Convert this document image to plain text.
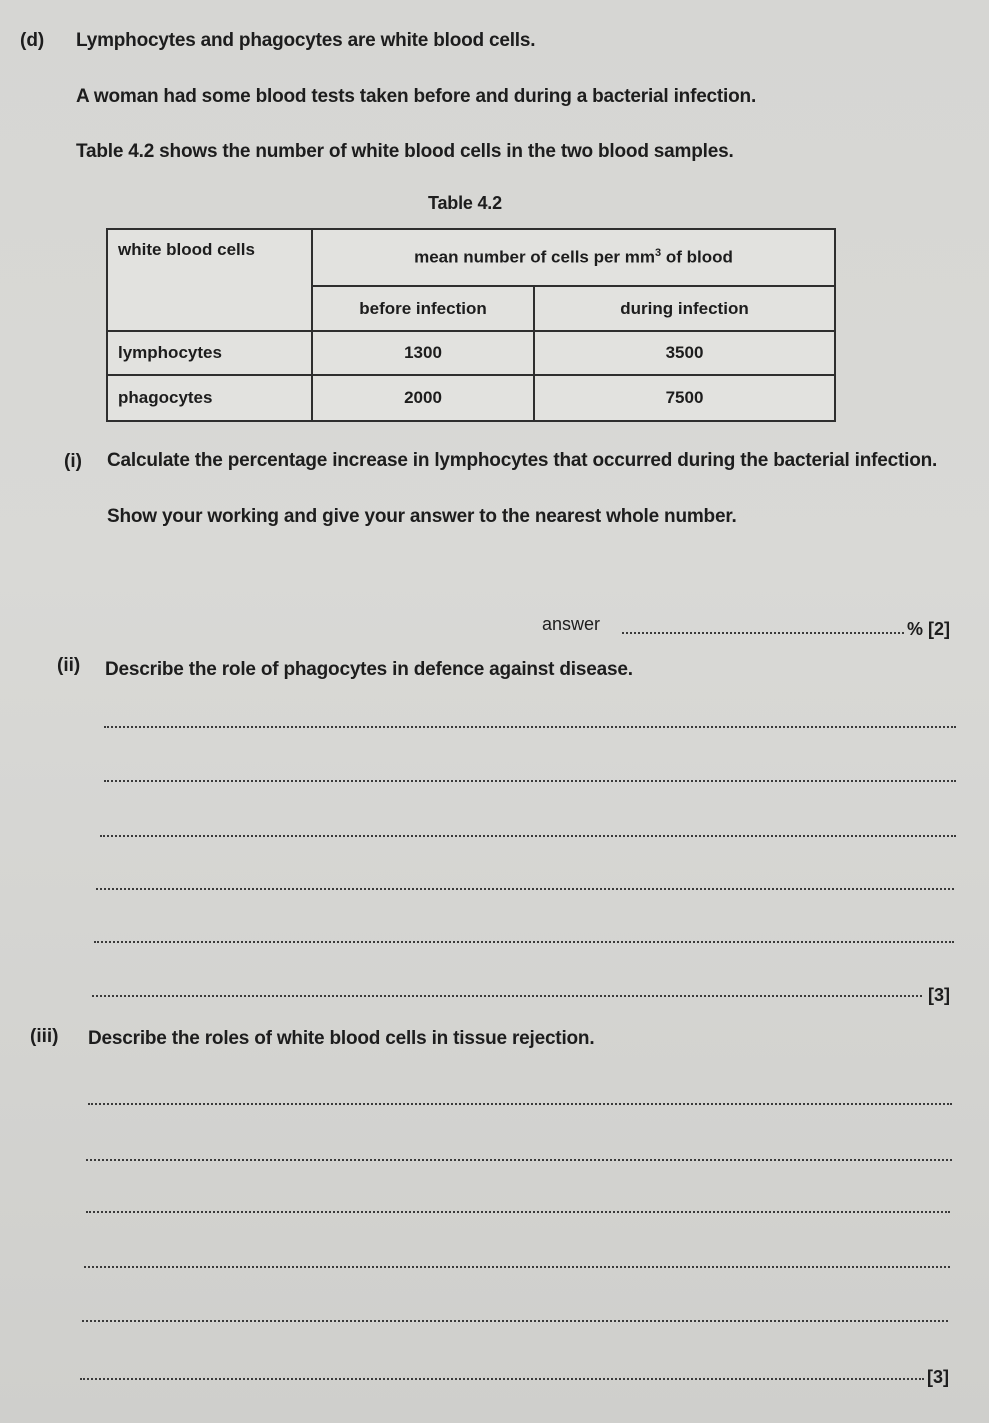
(d) Lymphocytes and phagocytes are white blood cells.
A woman had some blood tests taken before and during a bacterial infection.
Table 4.2 shows the number of white blood cells in the two blood samples.
Table 4.2
white blood cells	mean number of cells per $mm^3$ of blood	
	before infection	during infection
lymphocytes	1300	3500
phagocytes	2000	7500
(i) Calculate the percentage increase in lymphocytes that occurred during the bacterial infection.
Show your working and give your answer to the nearest whole number.
answer	% [2]
(ii) Describe the role of phagocytes in defence against disease.
[3]
(iii) Describe the roles of white blood cells in tissue rejection.
[3]
